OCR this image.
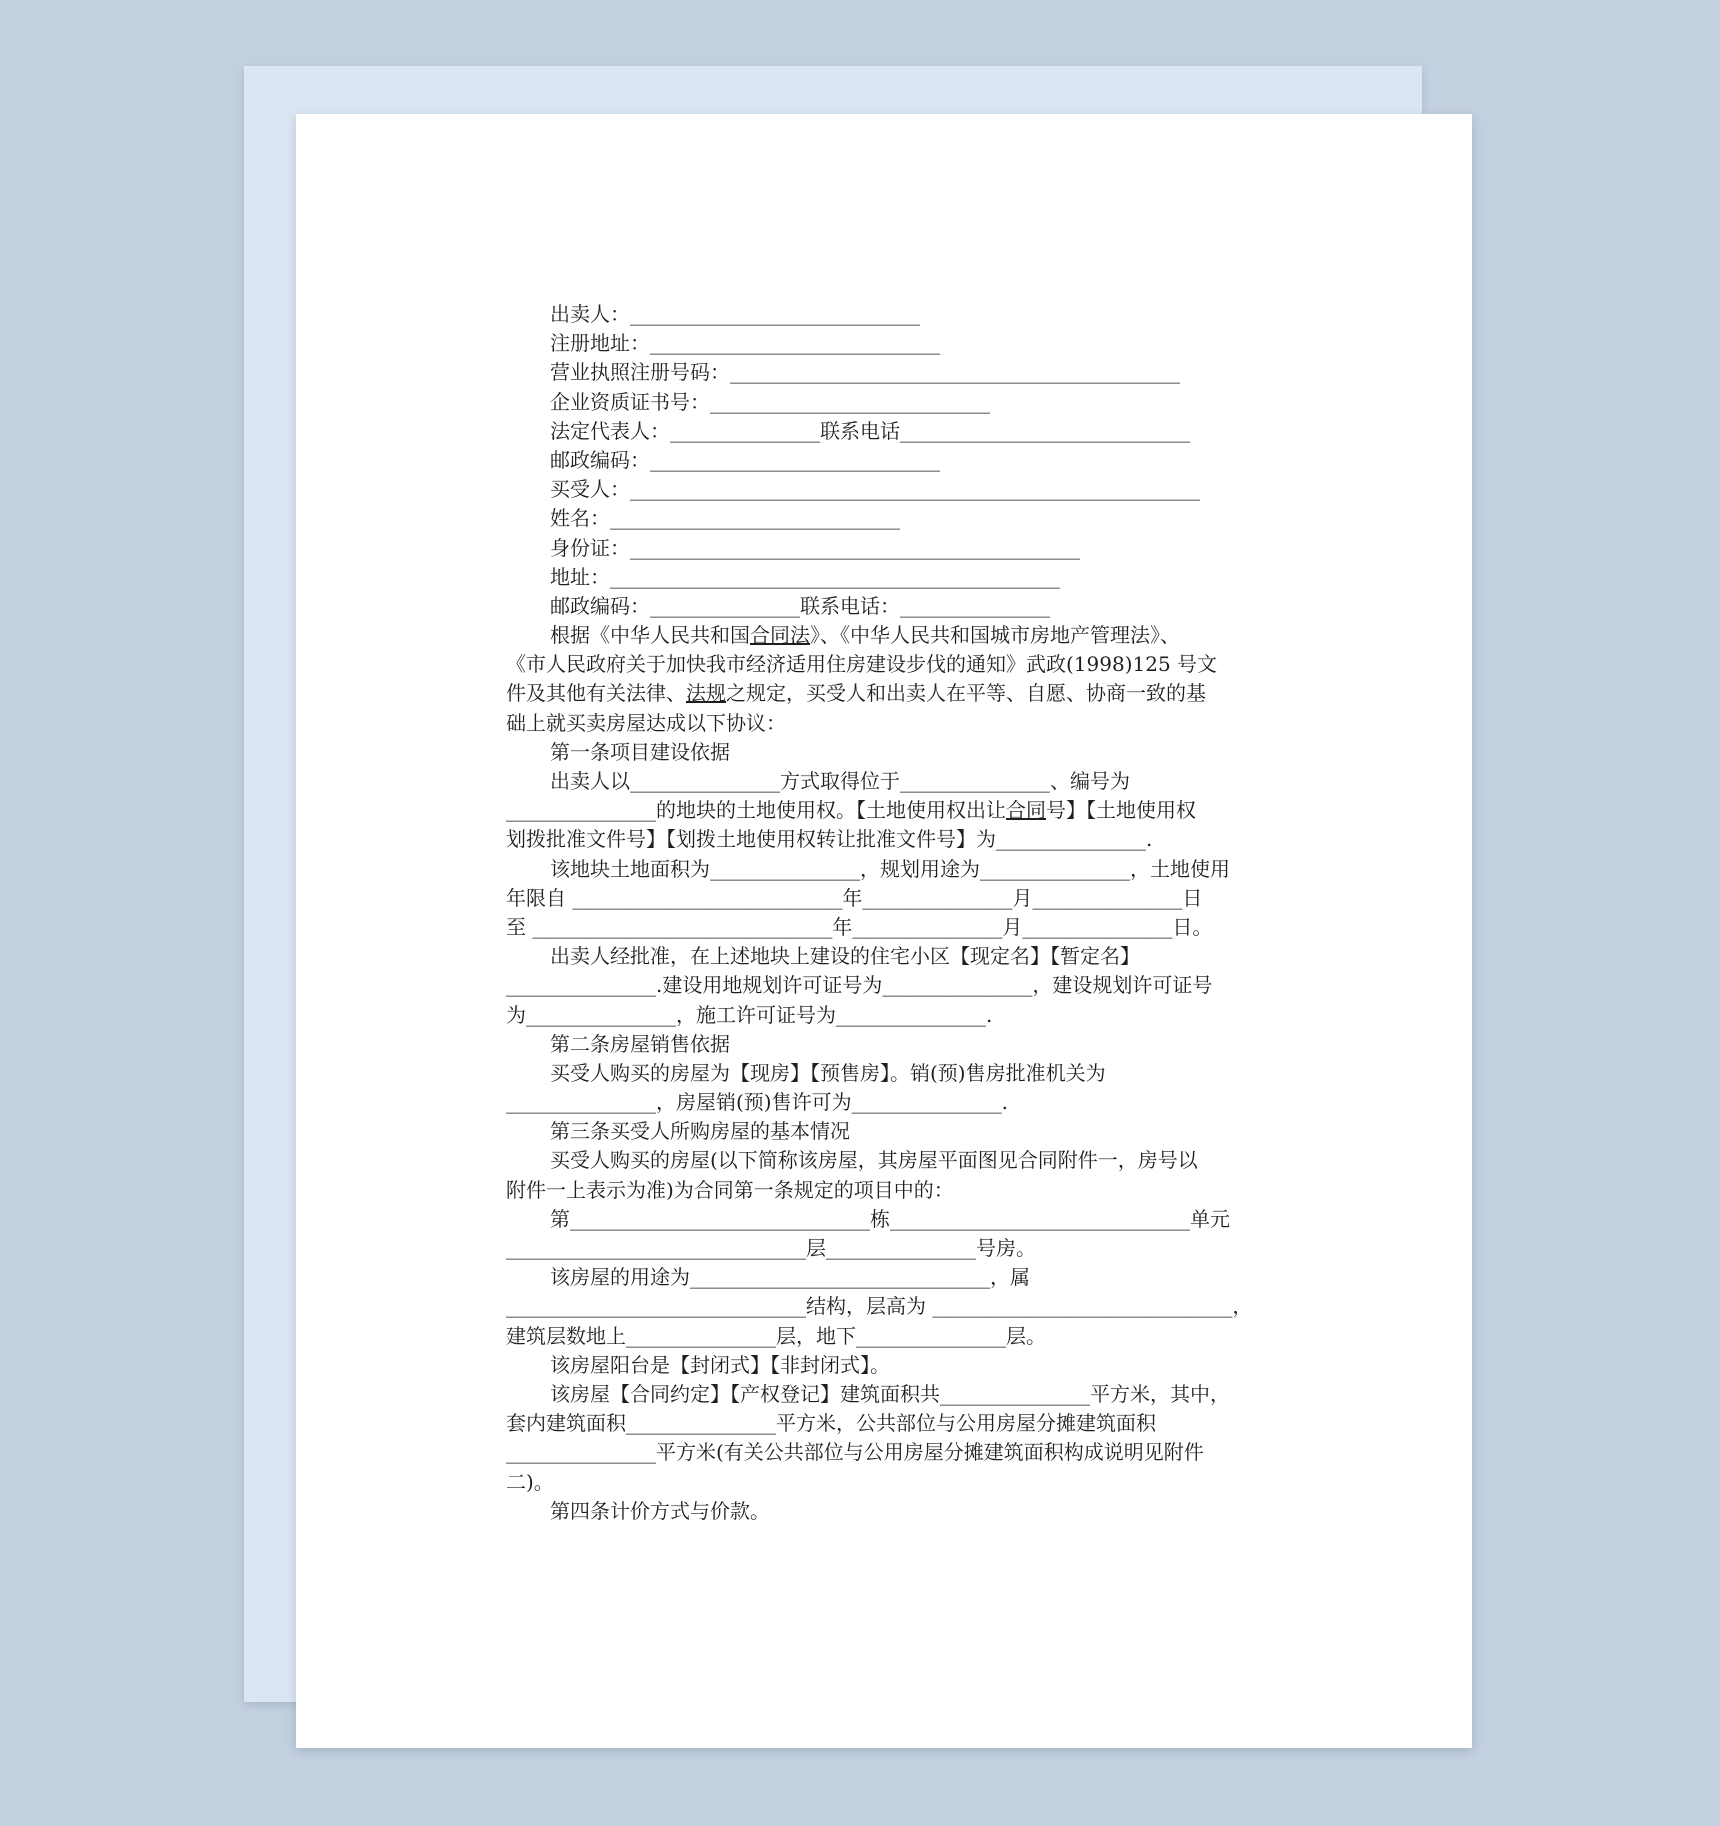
出卖人：_____________________________
注册地址：_____________________________
营业执照注册号码：_____________________________________________
企业资质证书号：____________________________
法定代表人：_______________联系电话_____________________________
邮政编码：_____________________________
买受人：_________________________________________________________
姓名：_____________________________
身份证：_____________________________________________
地址：_____________________________________________
邮政编码：_______________联系电话：_______________
根据《中华人民共和国合同法》、《中华人民共和国城市房地产管理法》、
《市人民政府关于加快我市经济适用住房建设步伐的通知》武政(1998)125 号文
件及其他有关法律、法规之规定，买受人和出卖人在平等、自愿、协商一致的基
础上就买卖房屋达成以下协议：
第一条项目建设依据
出卖人以_______________方式取得位于_______________、编号为
_______________的地块的土地使用权。【土地使用权出让合同号】【土地使用权
划拨批准文件号】【划拨土地使用权转让批准文件号】为_______________.
该地块土地面积为_______________，规划用途为_______________，土地使用
年限自 ___________________________年_______________月_______________日
至 ______________________________年_______________月_______________日。
出卖人经批准，在上述地块上建设的住宅小区【现定名】【暂定名】
_______________.建设用地规划许可证号为_______________，建设规划许可证号
为_______________，施工许可证号为_______________.
第二条房屋销售依据
买受人购买的房屋为【现房】【预售房】。销(预)售房批准机关为
_______________，房屋销(预)售许可为_______________.
第三条买受人所购房屋的基本情况
买受人购买的房屋(以下简称该房屋，其房屋平面图见合同附件一，房号以
附件一上表示为准)为合同第一条规定的项目中的：
第______________________________栋______________________________单元
______________________________层_______________号房。
该房屋的用途为______________________________，属
______________________________结构，层高为 ______________________________，
建筑层数地上_______________层，地下_______________层。
该房屋阳台是【封闭式】【非封闭式】。
该房屋【合同约定】【产权登记】建筑面积共_______________平方米，其中，
套内建筑面积_______________平方米，公共部位与公用房屋分摊建筑面积
_______________平方米(有关公共部位与公用房屋分摊建筑面积构成说明见附件
二)。
第四条计价方式与价款。
